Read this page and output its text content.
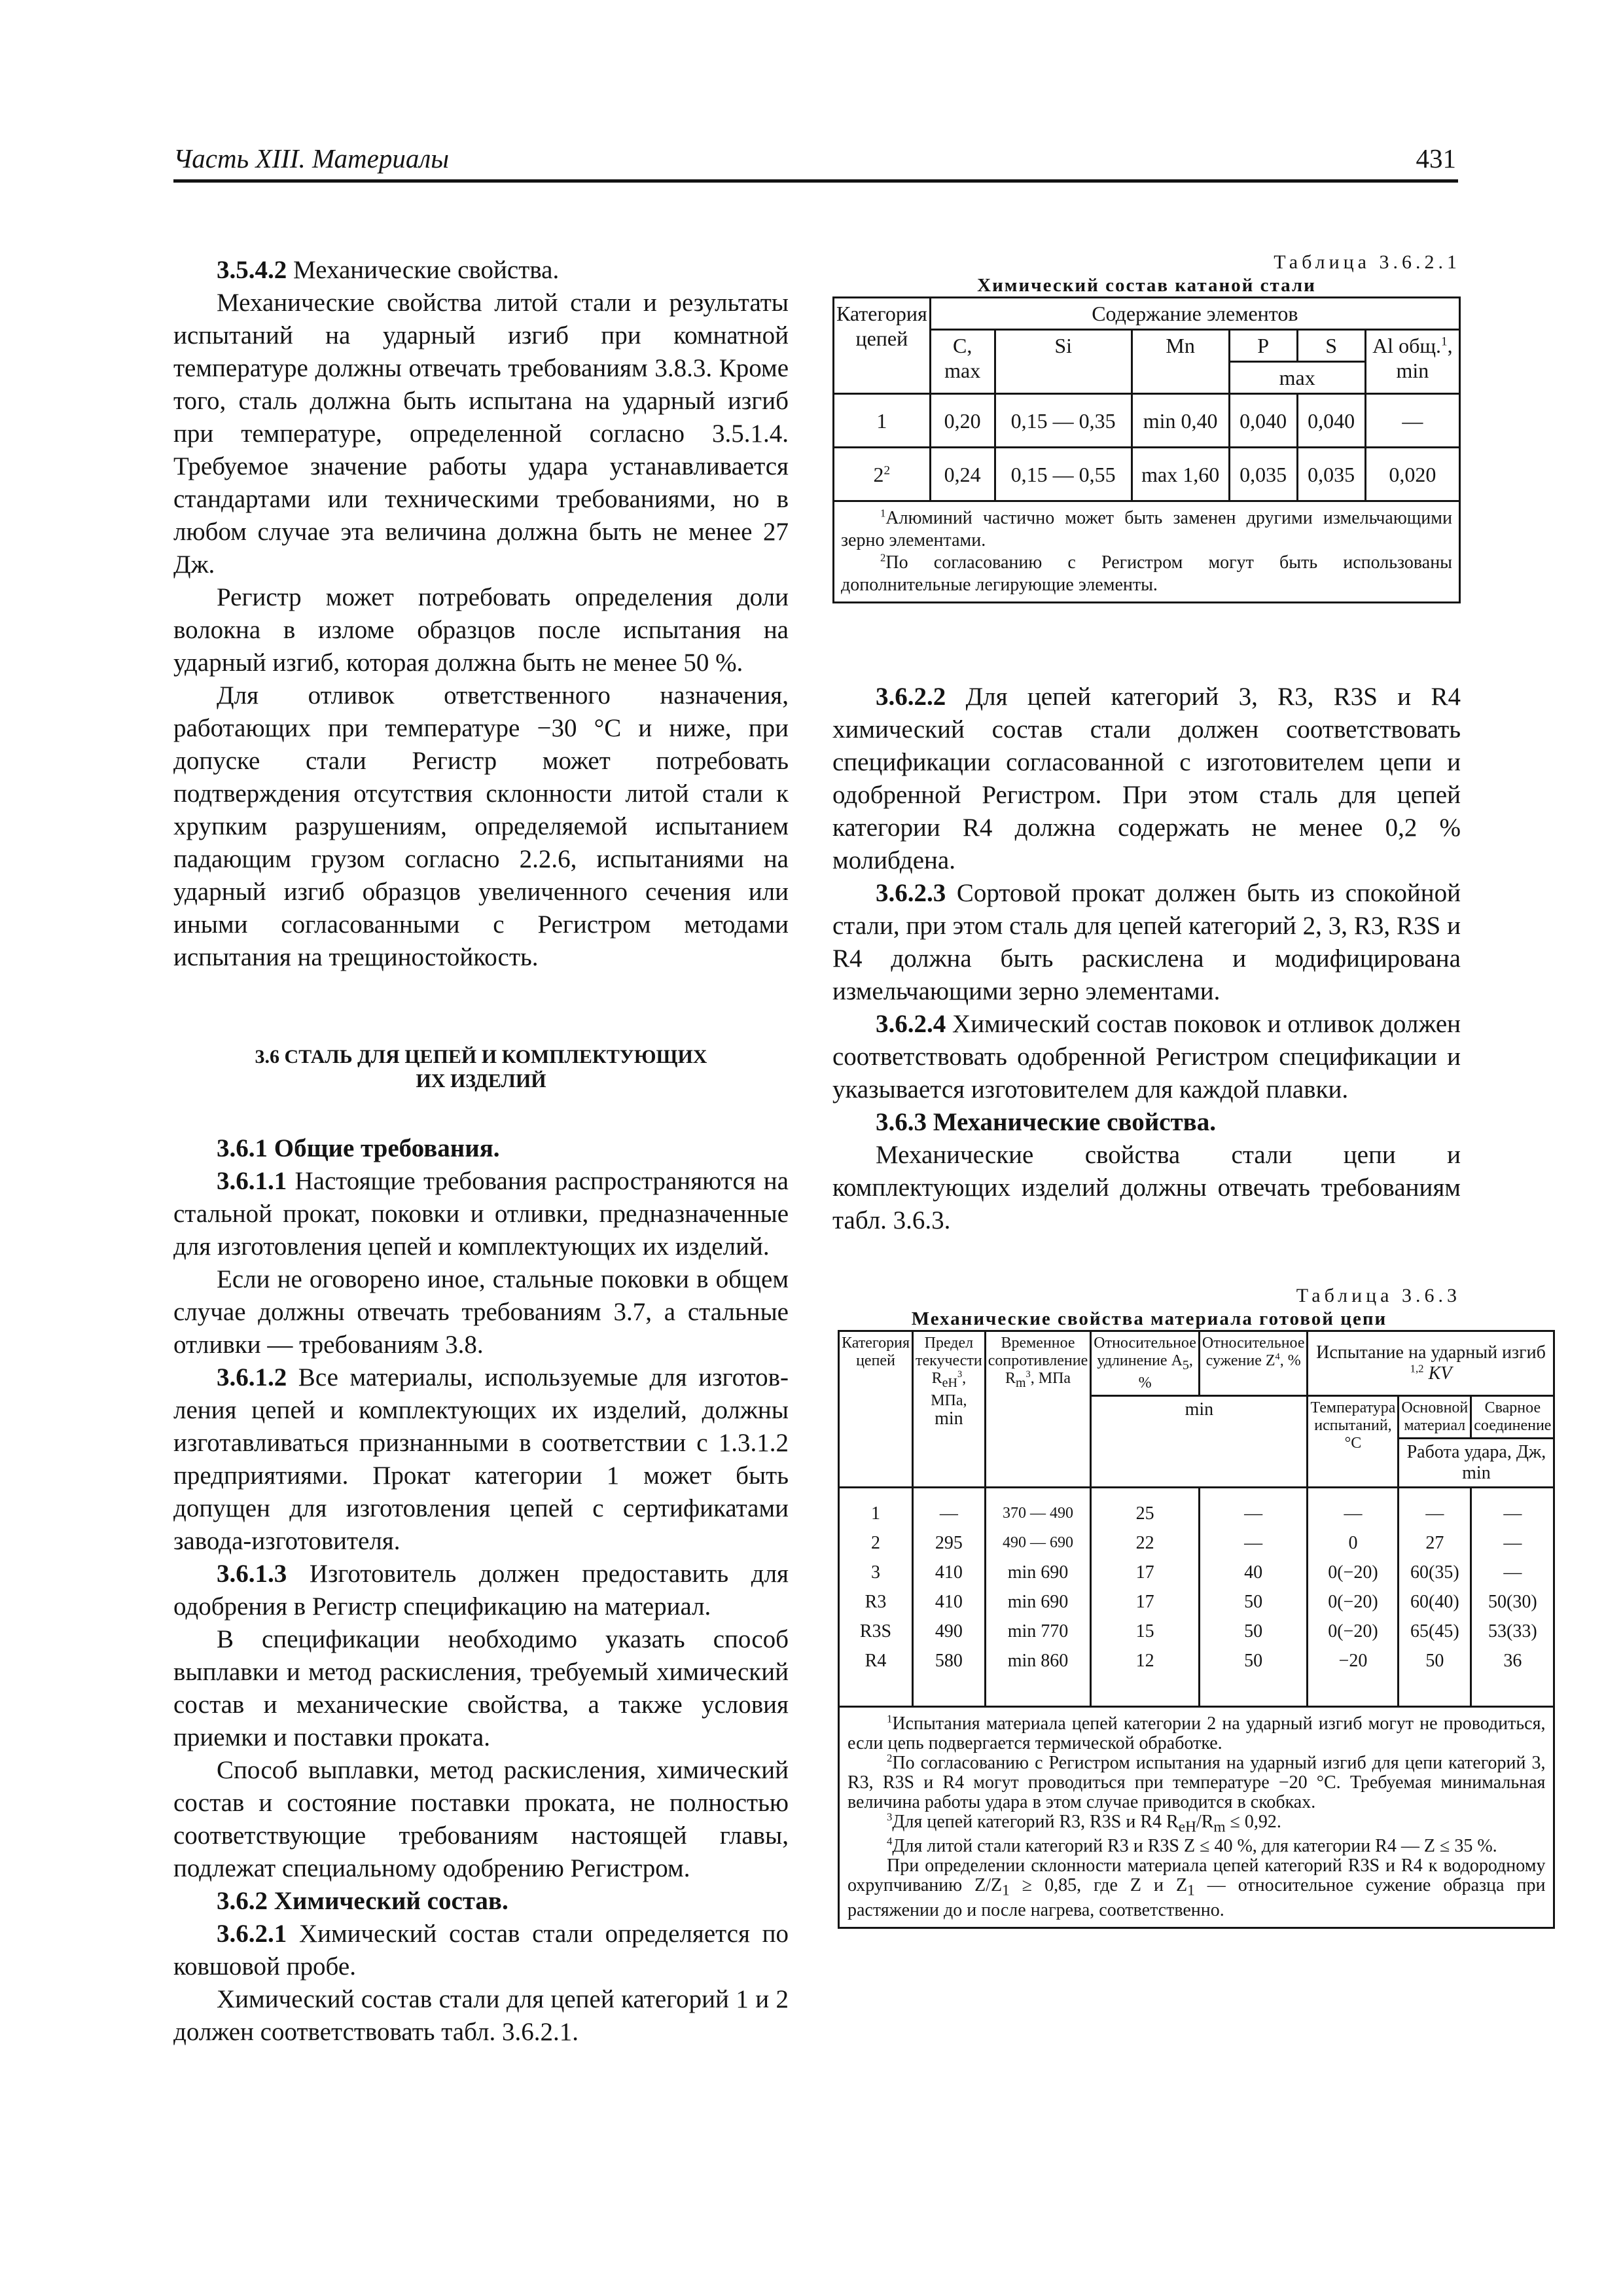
Часть XIII. Материалы	431

3.5.4.2 Механические свойства.

Механические свойства литой стали и результаты испытаний на ударный изгиб при комнатной температуре должны отвечать требованиям 3.8.3. Кроме того, сталь должна быть испытана на ударный изгиб при температуре, определенной согласно 3.5.1.4. Требуемое значение работы удара устанавливается стандартами или техническими требованиями, но в любом случае эта величина должна быть не менее 27 Дж.

Регистр может потребовать определения доли волокна в изломе образцов после испытания на ударный изгиб, которая должна быть не менее 50 %.

Для отливок ответственного назначения, работающих при температуре −30 °С и ниже, при допуске стали Регистр может потребовать подтверждения отсутствия склонности литой стали к хрупким разрушениям, определяемой испытанием падающим грузом согласно 2.2.6, испытаниями на ударный изгиб образцов увеличенного сечения или иными согласованными с Регистром методами испытания на трещиностойкость.

3.6 СТАЛЬ ДЛЯ ЦЕПЕЙ И КОМПЛЕКТУЮЩИХ
ИХ ИЗДЕЛИЙ

3.6.1 Общие требования.

3.6.1.1 Настоящие требования распространяются на стальной прокат, поковки и отливки, предназначенные для изготовления цепей и комплектующих их изделий.

Если не оговорено иное, стальные поковки в общем случае должны отвечать требованиям 3.7, а стальные отливки — требованиям 3.8.

3.6.1.2 Все материалы, используемые для изготов-ления цепей и комплектующих их изделий, должны изготавливаться признанными в соответствии с 1.3.1.2 предприятиями. Прокат категории 1 может быть допущен для изготовления цепей с сертификатами завода-изготовителя.

3.6.1.3 Изготовитель должен предоставить для одобрения в Регистр спецификацию на материал.

В спецификации необходимо указать способ выплавки и метод раскисления, требуемый химический состав и механические свойства, а также условия приемки и поставки проката.

Способ выплавки, метод раскисления, химический состав и состояние поставки проката, не полностью соответствующие требованиям настоящей главы, подлежат специальному одобрению Регистром.

3.6.2 Химический состав.

3.6.2.1 Химический состав стали определяется по ковшовой пробе.

Химический состав стали для цепей категорий 1 и 2 должен соответствовать табл. 3.6.2.1.

Таблица 3.6.2.1
Химический состав катаной стали
Категория цепей	Содержание элементов					
	C, max	Si	Mn	P	S	Al общ.$^1$, min
				max		
1	0,20	0,15 — 0,35	min 0,40	0,040	0,040	—
$2^2$	0,24	0,15 — 0,55	max 1,60	0,035	0,035	0,020

$^1$Алюминий частично может быть заменен другими измельчающими зерно элементами.
$^2$По согласованию с Регистром могут быть использованы дополнительные легирующие элементы.						

3.6.2.2 Для цепей категорий 3, R3, R3S и R4 химический состав стали должен соответствовать спецификации согласованной с изготовителем цепи и одобренной Регистром. При этом сталь для цепей категории R4 должна содержать не менее 0,2 % молибдена.

3.6.2.3 Сортовой прокат должен быть из спокойной стали, при этом сталь для цепей категорий 2, 3, R3, R3S и R4 должна быть раскислена и модифицирована измельчающими зерно элементами.

3.6.2.4 Химический состав поковок и отливок должен соответствовать одобренной Регистром спецификации и указывается изготовителем для каждой плавки.

3.6.3 Механические свойства.

Механические свойства стали цепи и комплектующих изделий должны отвечать требованиям табл. 3.6.3.

Таблица 3.6.3
Механические свойства материала готовой цепи
Категория цепей	Предел текучести $R_{eH}^3$, МПа,
min	Временное сопротивление $R_m^3$, МПа	Относительное удлинение $A_5$, %	Относительное сужение $Z^4$, %	Испытание на ударный изгиб $^{1,2}$ KV		
			min		Температура испытаний, °С	Основной материал	Сварное соединение
						Работа удара, Дж, min	
1	—	370 — 490	25	—	—	—	—
2	295	490 — 690	22	—	0	27	—
3	410	min 690	17	40	0(−20)	60(35)	—
R3	410	min 690	17	50	0(−20)	60(40)	50(30)
R3S	490	min 770	15	50	0(−20)	65(45)	53(33)
R4	580	min 860	12	50	−20	50	36

$^1$Испытания материала цепей категории 2 на ударный изгиб могут не проводиться, если цепь подвергается термической обработке.
$^2$По согласованию с Регистром испытания на ударный изгиб для цепи категорий 3, R3, R3S и R4 могут проводиться при температуре −20 °С. Требуемая минимальная величина работы удара в этом случае приводится в скобках.
$^3$Для цепей категорий R3, R3S и R4 $R_{eH}/R_m \le 0,92$.
$^4$Для литой стали категорий R3 и R3S Z ≤ 40 %, для категории R4 — Z ≤ 35 %.
При определении склонности материала цепей категорий R3S и R4 к водородному охрупчиванию $Z/Z_1 \ge 0,85$, где Z и $Z_1$ — относительное сужение образца при растяжении до и после нагрева, соответственно.							
